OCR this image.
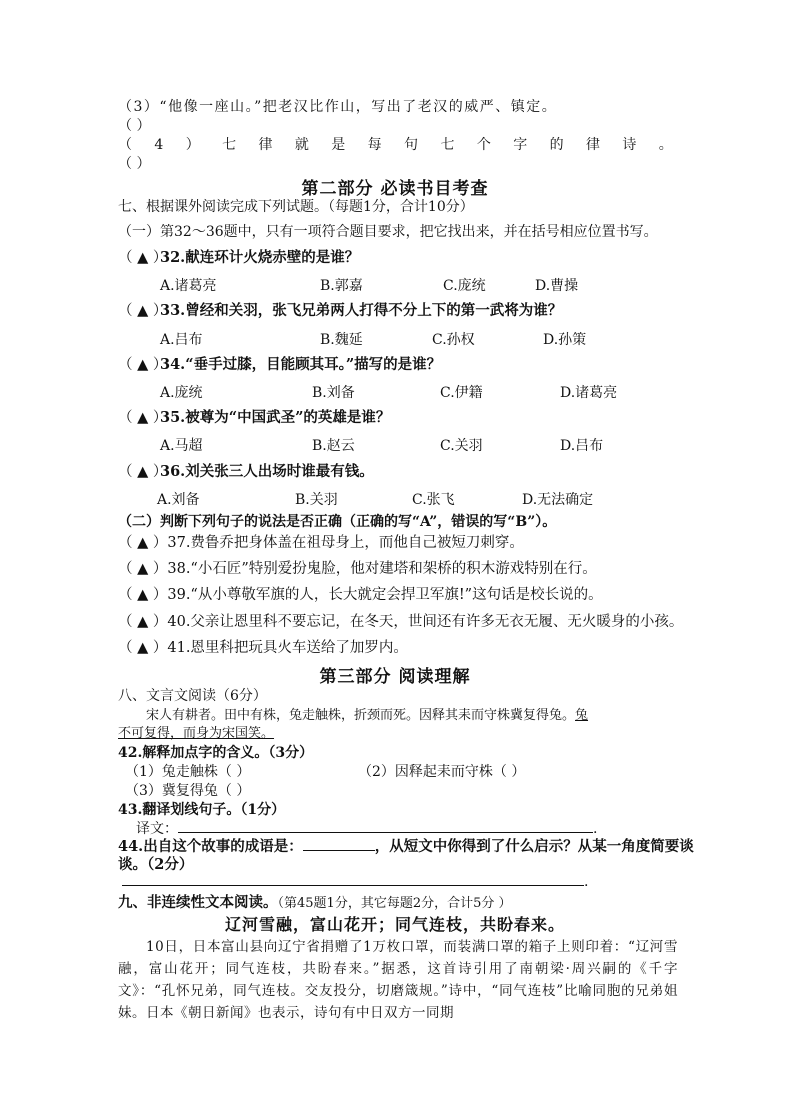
（3）“他像一座山。”把老汉比作山，写出了老汉的威严、镇定。
（ ）
（ 4 ） 七 律 就 是 每 句 七 个 字 的 律 诗 。
（ ）
第二部分 必读书目考查
七、根据课外阅读完成下列试题。（每题1分，合计10分）
（一）第32～36题中，只有一项符合题目要求，把它找出来，并在括号相应位置书写。
（ ▲ ）32.献连环计火烧赤壁的是谁？
A.诸葛亮	B.郭嘉	C.庞统	D.曹操
（ ▲ ）33.曾经和关羽，张飞兄弟两人打得不分上下的第一武将为谁？
A.吕布	B.魏延	C.孙权	D.孙策
（ ▲ ）34.“垂手过膝，目能顾其耳。”描写的是谁？
A.庞统	B.刘备	C.伊籍	D.诸葛亮
（ ▲ ）35.被尊为“中国武圣”的英雄是谁？
A.马超	B.赵云	C.关羽	D.吕布
（ ▲ ）36.刘关张三人出场时谁最有钱。
A.刘备	B.关羽	C.张飞	D.无法确定
（二）判断下列句子的说法是否正确（正确的写“A”，错误的写“B”）。
（ ▲ ）37.费鲁乔把身体盖在祖母身上，而他自己被短刀刺穿。
（ ▲ ）38.“小石匠”特别爱扮鬼脸，他对建塔和架桥的积木游戏特别在行。
（ ▲ ）39.“从小尊敬军旗的人，长大就定会捍卫军旗!”这句话是校长说的。
（ ▲ ）40.父亲让恩里科不要忘记，在冬天，世间还有许多无衣无履、无火暖身的小孩。
（ ▲ ）41.恩里科把玩具火车送给了加罗内。
第三部分 阅读理解
八、文言文阅读（6分）
宋人有耕者。田中有株，兔走触株，折颈而死。因释其耒而守株冀复得兔。兔
不可复得，而身为宋国笑。
42.解释加点字的含义。（3分）
（1）兔走触株（ ）	（2）因释起耒而守株（ ）
（3）冀复得兔（ ）
43.翻译划线句子。（1分）
译文：	.
44.出自这个故事的成语是：	，从短文中你得到了什么启示？从某一角度简要谈
谈。（2分）
.
九、非连续性文本阅读。（第45题1分，其它每题2分，合计5分 ）
辽河雪融，富山花开；同气连枝，共盼春来。
10日，日本富山县向辽宁省捐赠了1万枚口罩，而装满口罩的箱子上则印着：“辽河雪融，富山花开；同气连枝，共盼春来。”据悉，这首诗引用了南朝梁·周兴嗣的《千字文》：“孔怀兄弟，同气连枝。交友投分，切磨箴规。”诗中，“同气连枝”比喻同胞的兄弟姐妹。日本《朝日新闻》也表示，诗句有中日双方一同期
